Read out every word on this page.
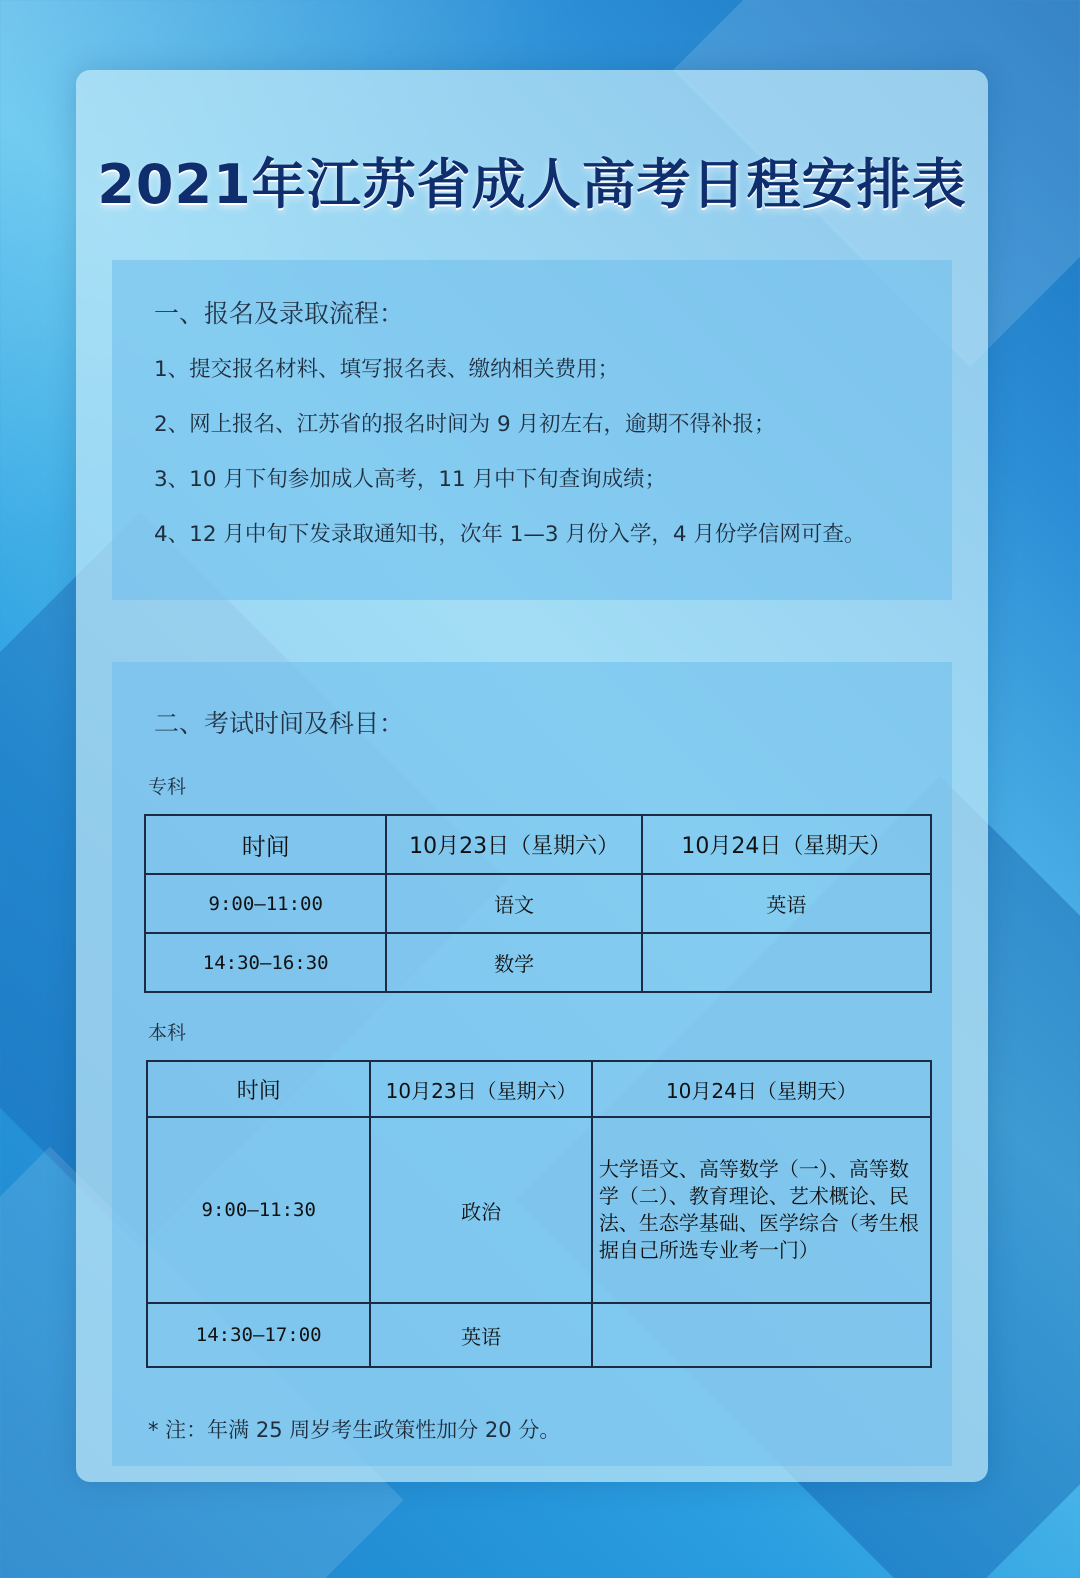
2021年江苏省成人高考日程安排表
一、报名及录取流程：
1、提交报名材料、填写报名表、缴纳相关费用；
2、网上报名、江苏省的报名时间为 9 月初左右，逾期不得补报；
3、10 月下旬参加成人高考，11 月中下旬查询成绩；
4、12 月中旬下发录取通知书，次年 1—3 月份入学，4 月份学信网可查。
二、考试时间及科目：
专科
时间	10月23日（星期六）	10月24日（星期天）
9:00—11:00	语文	英语
14:30—16:30	数学	
本科
时间	10月23日（星期六）	10月24日（星期天）
9:00—11:30	政治	大学语文、高等数学（一）、高等数学（二）、教育理论、艺术概论、民法、生态学基础、医学综合（考生根据自己所选专业考一门）
14:30—17:00	英语	
* 注：年满 25 周岁考生政策性加分 20 分。
